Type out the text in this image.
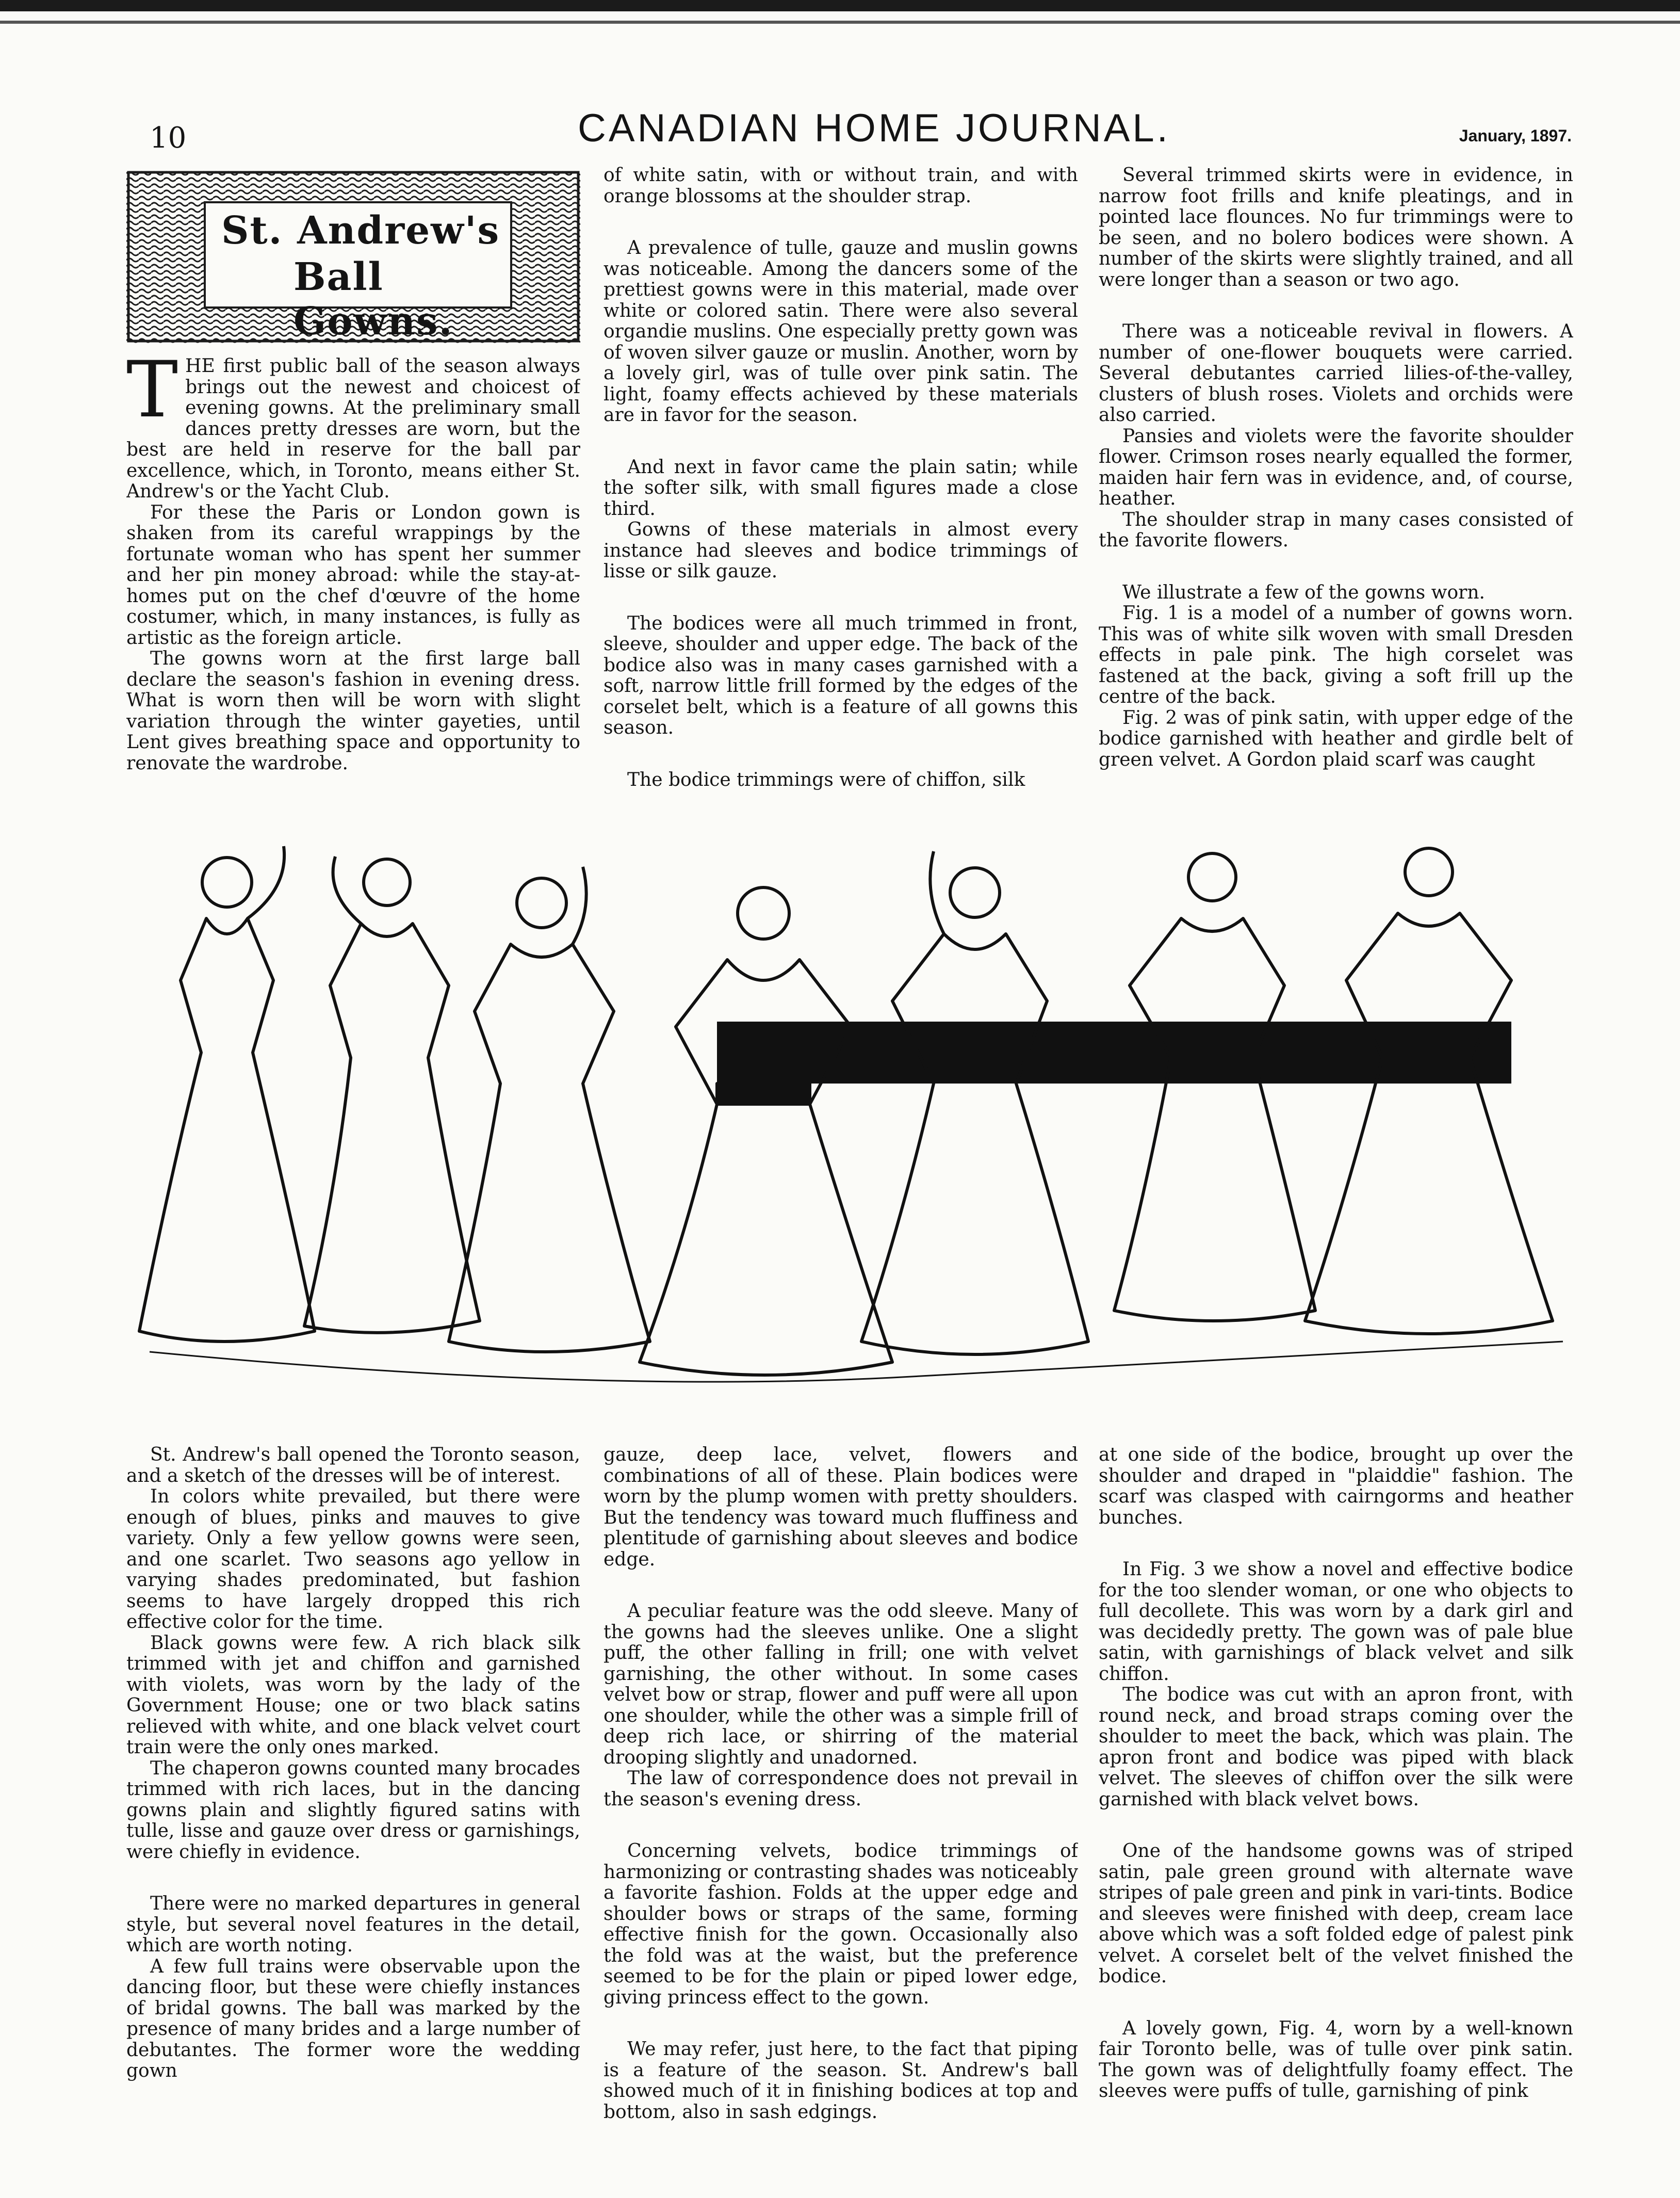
10	CANADIAN HOME JOURNAL.	January, 1897.
St. Andrew's
Ball Gowns.

THE first public ball of the season always brings out the newest and choicest of evening gowns. At the preliminary small dances pretty dresses are worn, but the best are held in reserve for the ball par excellence, which, in Toronto, means either St. Andrew's or the Yacht Club.

For these the Paris or London gown is shaken from its careful wrappings by the fortunate woman who has spent her summer and her pin money abroad: while the stay-at-homes put on the chef d'œuvre of the home costumer, which, in many instances, is fully as artistic as the foreign article.

The gowns worn at the first large ball declare the season's fashion in evening dress. What is worn then will be worn with slight variation through the winter gayeties, until Lent gives breathing space and opportunity to renovate the wardrobe.

of white satin, with or without train, and with orange blossoms at the shoulder strap.

A prevalence of tulle, gauze and muslin gowns was noticeable. Among the dancers some of the prettiest gowns were in this material, made over white or colored satin. There were also several organdie muslins. One especially pretty gown was of woven silver gauze or muslin. Another, worn by a lovely girl, was of tulle over pink satin. The light, foamy effects achieved by these materials are in favor for the season.

And next in favor came the plain satin; while the softer silk, with small figures made a close third.

Gowns of these materials in almost every instance had sleeves and bodice trimmings of lisse or silk gauze.

The bodices were all much trimmed in front, sleeve, shoulder and upper edge. The back of the bodice also was in many cases garnished with a soft, narrow little frill formed by the edges of the corselet belt, which is a feature of all gowns this season.

The bodice trimmings were of chiffon, silk

Several trimmed skirts were in evidence, in narrow foot frills and knife pleatings, and in pointed lace flounces. No fur trimmings were to be seen, and no bolero bodices were shown. A number of the skirts were slightly trained, and all were longer than a season or two ago.

There was a noticeable revival in flowers. A number of one-flower bouquets were carried. Several debutantes carried lilies-of-the-valley, clusters of blush roses. Violets and orchids were also carried.

Pansies and violets were the favorite shoulder flower. Crimson roses nearly equalled the former, maiden hair fern was in evidence, and, of course, heather.

The shoulder strap in many cases consisted of the favorite flowers.

We illustrate a few of the gowns worn.

Fig. 1 is a model of a number of gowns worn. This was of white silk woven with small Dresden effects in pale pink. The high corselet was fastened at the back, giving a soft frill up the centre of the back.

Fig. 2 was of pink satin, with upper edge of the bodice garnished with heather and girdle belt of green velvet. A Gordon plaid scarf was caught

St. Andrew's ball opened the Toronto season, and a sketch of the dresses will be of interest.

In colors white prevailed, but there were enough of blues, pinks and mauves to give variety. Only a few yellow gowns were seen, and one scarlet. Two seasons ago yellow in varying shades predominated, but fashion seems to have largely dropped this rich effective color for the time.

Black gowns were few. A rich black silk trimmed with jet and chiffon and garnished with violets, was worn by the lady of the Government House; one or two black satins relieved with white, and one black velvet court train were the only ones marked.

The chaperon gowns counted many brocades trimmed with rich laces, but in the dancing gowns plain and slightly figured satins with tulle, lisse and gauze over dress or garnishings, were chiefly in evidence.

There were no marked departures in general style, but several novel features in the detail, which are worth noting.

A few full trains were observable upon the dancing floor, but these were chiefly instances of bridal gowns. The ball was marked by the presence of many brides and a large number of debutantes. The former wore the wedding gown

gauze, deep lace, velvet, flowers and combinations of all of these. Plain bodices were worn by the plump women with pretty shoulders. But the tendency was toward much fluffiness and plentitude of garnishing about sleeves and bodice edge.

A peculiar feature was the odd sleeve. Many of the gowns had the sleeves unlike. One a slight puff, the other falling in frill; one with velvet garnishing, the other without. In some cases velvet bow or strap, flower and puff were all upon one shoulder, while the other was a simple frill of deep rich lace, or shirring of the material drooping slightly and unadorned.

The law of correspondence does not prevail in the season's evening dress.

Concerning velvets, bodice trimmings of harmonizing or contrasting shades was noticeably a favorite fashion. Folds at the upper edge and shoulder bows or straps of the same, forming effective finish for the gown. Occasionally also the fold was at the waist, but the preference seemed to be for the plain or piped lower edge, giving princess effect to the gown.

We may refer, just here, to the fact that piping is a feature of the season. St. Andrew's ball showed much of it in finishing bodices at top and bottom, also in sash edgings.

at one side of the bodice, brought up over the shoulder and draped in "plaiddie" fashion. The scarf was clasped with cairngorms and heather bunches.

In Fig. 3 we show a novel and effective bodice for the too slender woman, or one who objects to full decollete. This was worn by a dark girl and was decidedly pretty. The gown was of pale blue satin, with garnishings of black velvet and silk chiffon.

The bodice was cut with an apron front, with round neck, and broad straps coming over the shoulder to meet the back, which was plain. The apron front and bodice was piped with black velvet. The sleeves of chiffon over the silk were garnished with black velvet bows.

One of the handsome gowns was of striped satin, pale green ground with alternate wave stripes of pale green and pink in vari-tints. Bodice and sleeves were finished with deep, cream lace above which was a soft folded edge of palest pink velvet. A corselet belt of the velvet finished the bodice.

A lovely gown, Fig. 4, worn by a well-known fair Toronto belle, was of tulle over pink satin. The gown was of delightfully foamy effect. The sleeves were puffs of tulle, garnishing of pink
